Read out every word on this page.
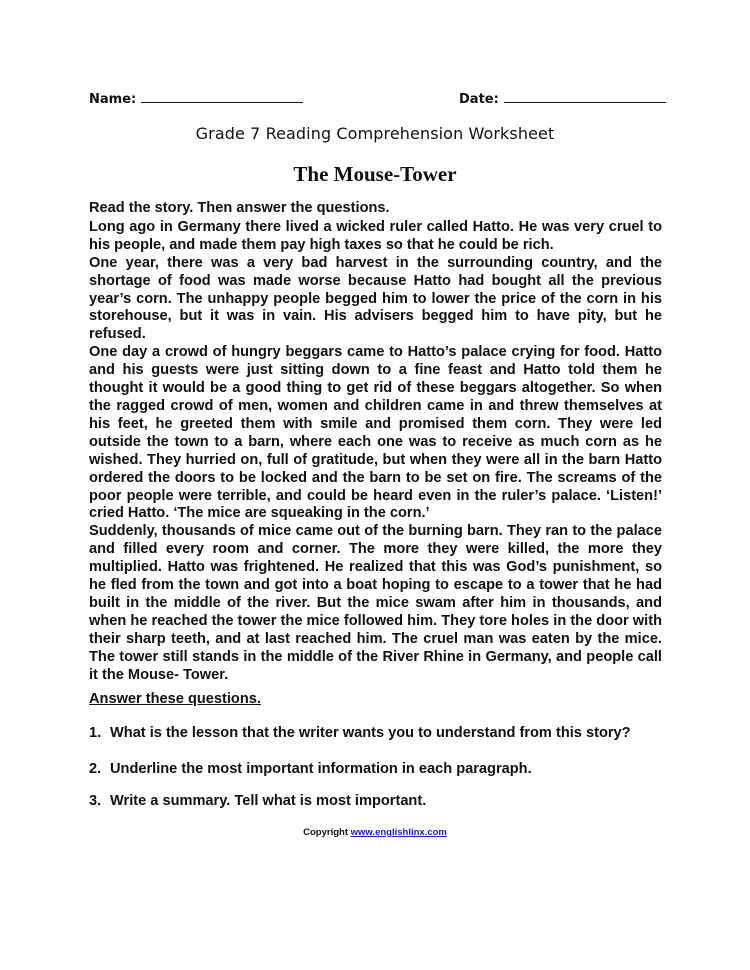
Name:	Date:
Grade 7 Reading Comprehension Worksheet
The Mouse-Tower

Read the story. Then answer the questions.

Long ago in Germany there lived a wicked ruler called Hatto. He was very cruel to his people, and made them pay high taxes so that he could be rich.

One year, there was a very bad harvest in the surrounding country, and the shortage of food was made worse because Hatto had bought all the previous year’s corn. The unhappy people begged him to lower the price of the corn in his storehouse, but it was in vain. His advisers begged him to have pity, but he refused.

One day a crowd of hungry beggars came to Hatto’s palace crying for food. Hatto and his guests were just sitting down to a fine feast and Hatto told them he thought it would be a good thing to get rid of these beggars altogether. So when the ragged crowd of men, women and children came in and threw themselves at his feet, he greeted them with smile and promised them corn. They were led outside the town to a barn, where each one was to receive as much corn as he wished. They hurried on, full of gratitude, but when they were all in the barn Hatto ordered the doors to be locked and the barn to be set on fire. The screams of the poor people were terrible, and could be heard even in the ruler’s palace. ‘Listen!’ cried Hatto. ‘The mice are squeaking in the corn.’

Suddenly, thousands of mice came out of the burning barn. They ran to the palace and filled every room and corner. The more they were killed, the more they multiplied. Hatto was frightened. He realized that this was God’s punishment, so he fled from the town and got into a boat hoping to escape to a tower that he had built in the middle of the river. But the mice swam after him in thousands, and when he reached the tower the mice followed him. They tore holes in the door with their sharp teeth, and at last reached him. The cruel man was eaten by the mice. The tower still stands in the middle of the River Rhine in Germany, and people call it the Mouse- Tower.

Answer these questions.
1. What is the lesson that the writer wants you to understand from this story?
2. Underline the most important information in each paragraph.
3. Write a summary. Tell what is most important.
Copyright www.englishlinx.com
